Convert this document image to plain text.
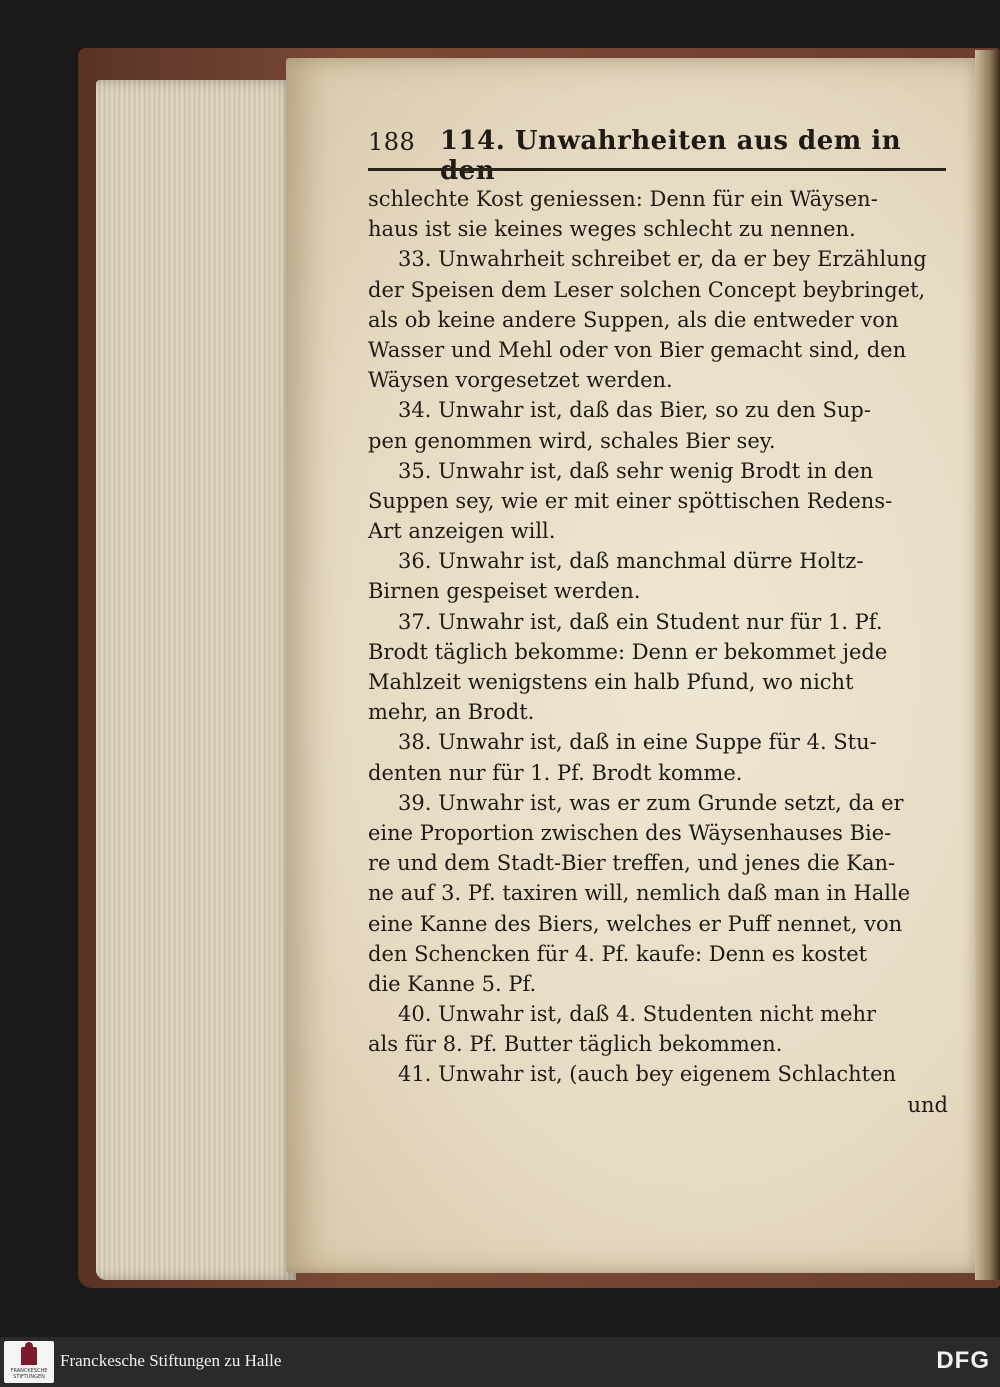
188 114. Unwahrheiten aus dem in den
schlechte Kost geniessen: Denn für ein Wäysen-
haus ist sie keines weges schlecht zu nennen.
33. Unwahrheit schreibet er, da er bey Erzählung
der Speisen dem Leser solchen Concept beybringet,
als ob keine andere Suppen, als die entweder von
Wasser und Mehl oder von Bier gemacht sind, den
Wäysen vorgesetzet werden.
34. Unwahr ist, daß das Bier, so zu den Sup-
pen genommen wird, schales Bier sey.
35. Unwahr ist, daß sehr wenig Brodt in den
Suppen sey, wie er mit einer spöttischen Redens-
Art anzeigen will.
36. Unwahr ist, daß manchmal dürre Holtz-
Birnen gespeiset werden.
37. Unwahr ist, daß ein Student nur für 1. Pf.
Brodt täglich bekomme: Denn er bekommet jede
Mahlzeit wenigstens ein halb Pfund, wo nicht
mehr, an Brodt.
38. Unwahr ist, daß in eine Suppe für 4. Stu-
denten nur für 1. Pf. Brodt komme.
39. Unwahr ist, was er zum Grunde setzt, da er
eine Proportion zwischen des Wäysenhauses Bie-
re und dem Stadt-Bier treffen, und jenes die Kan-
ne auf 3. Pf. taxiren will, nemlich daß man in Halle
eine Kanne des Biers, welches er Puff nennet, von
den Schencken für 4. Pf. kaufe: Denn es kostet
die Kanne 5. Pf.
40. Unwahr ist, daß 4. Studenten nicht mehr
als für 8. Pf. Butter täglich bekommen.
41. Unwahr ist, (auch bey eigenem Schlachten
und
FRANCKESCHE STIFTUNGEN
Franckesche Stiftungen zu Halle	DFG
